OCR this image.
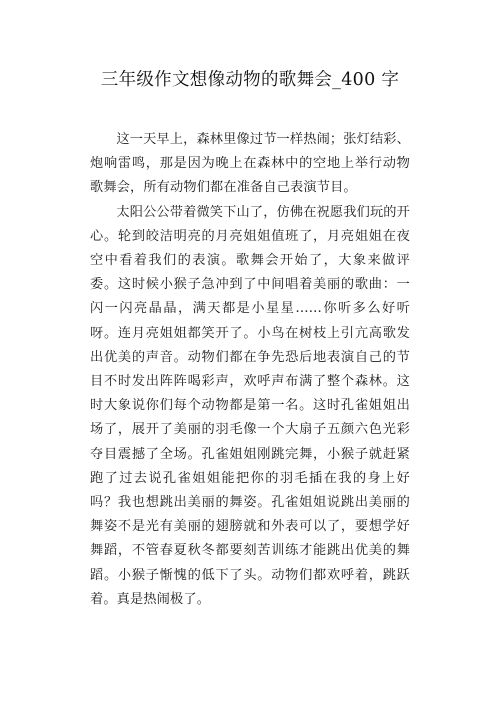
三年级作文想像动物的歌舞会_400 字

这一天早上，森林里像过节一样热闹；张灯结彩、炮响雷鸣，那是因为晚上在森林中的空地上举行动物歌舞会，所有动物们都在准备自己表演节目。

太阳公公带着微笑下山了，仿佛在祝愿我们玩的开心。轮到皎洁明亮的月亮姐姐值班了，月亮姐姐在夜空中看着我们的表演。歌舞会开始了，大象来做评委。这时候小猴子急冲到了中间唱着美丽的歌曲：一闪一闪亮晶晶，满天都是小星星……你听多么好听呀。连月亮姐姐都笑开了。小鸟在树枝上引亢高歌发出优美的声音。动物们都在争先恐后地表演自己的节目不时发出阵阵喝彩声，欢呼声布满了整个森林。这时大象说你们每个动物都是第一名。这时孔雀姐姐出场了，展开了美丽的羽毛像一个大扇子五颜六色光彩夺目震撼了全场。孔雀姐姐刚跳完舞，小猴子就赶紧跑了过去说孔雀姐姐能把你的羽毛插在我的身上好吗？我也想跳出美丽的舞姿。孔雀姐姐说跳出美丽的舞姿不是光有美丽的翅膀就和外表可以了，要想学好舞蹈，不管春夏秋冬都要刻苦训练才能跳出优美的舞蹈。小猴子惭愧的低下了头。动物们都欢呼着，跳跃着。真是热闹极了。
